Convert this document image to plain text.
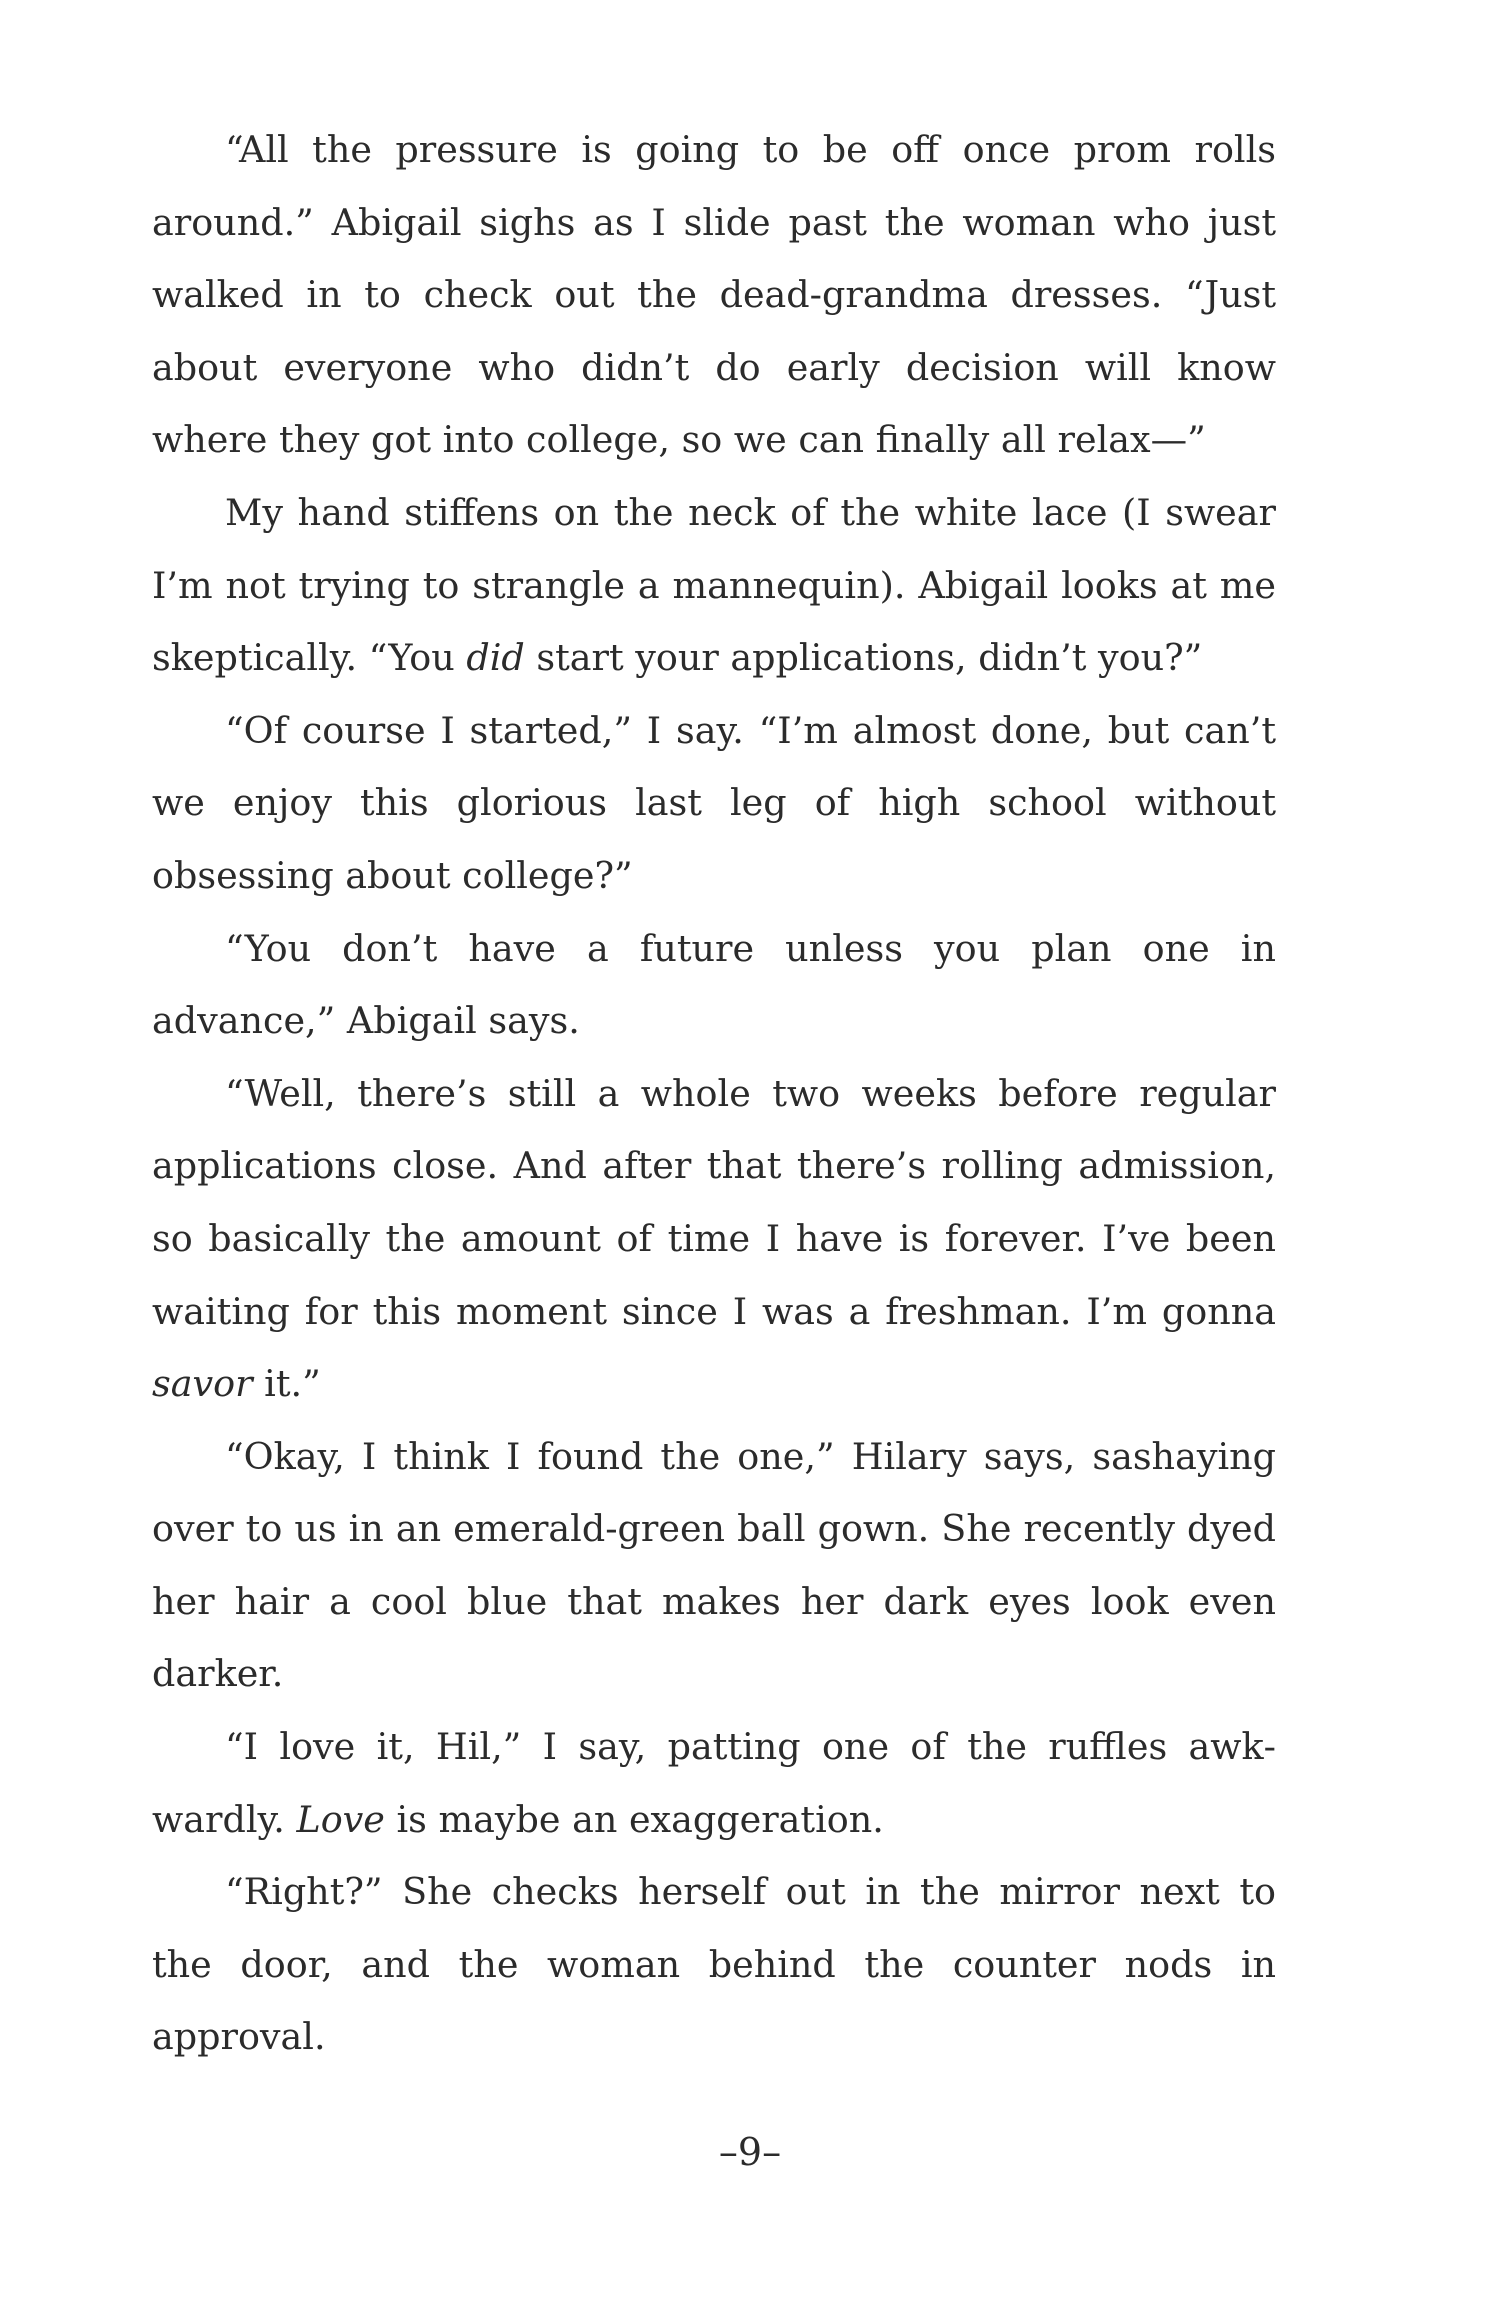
“All the pressure is going to be off once prom rolls around.” Abigail sighs as I slide past the woman who just walked in to check out the dead-grandma dresses. “Just about everyone who didn’t do early decision will know where they got into college, so we can finally all relax—”

My hand stiffens on the neck of the white lace (I swear I’m not trying to strangle a mannequin). Abigail looks at me skeptically. “You did start your applications, didn’t you?”

“Of course I started,” I say. “I’m almost done, but can’t we enjoy this glorious last leg of high school without obsessing about college?”

“You don’t have a future unless you plan one in advance,” Abigail says.

“Well, there’s still a whole two weeks before regular applications close. And after that there’s rolling admission, so basically the amount of time I have is forever. I’ve been waiting for this moment since I was a freshman. I’m gonna savor it.”

“Okay, I think I found the one,” Hilary says, sashaying over to us in an emerald-green ball gown. She recently dyed her hair a cool blue that makes her dark eyes look even darker.

“I love it, Hil,” I say, patting one of the ruffles awkwardly. Love is maybe an exaggeration.

“Right?” She checks herself out in the mirror next to the door, and the woman behind the counter nods in approval.

–9–
